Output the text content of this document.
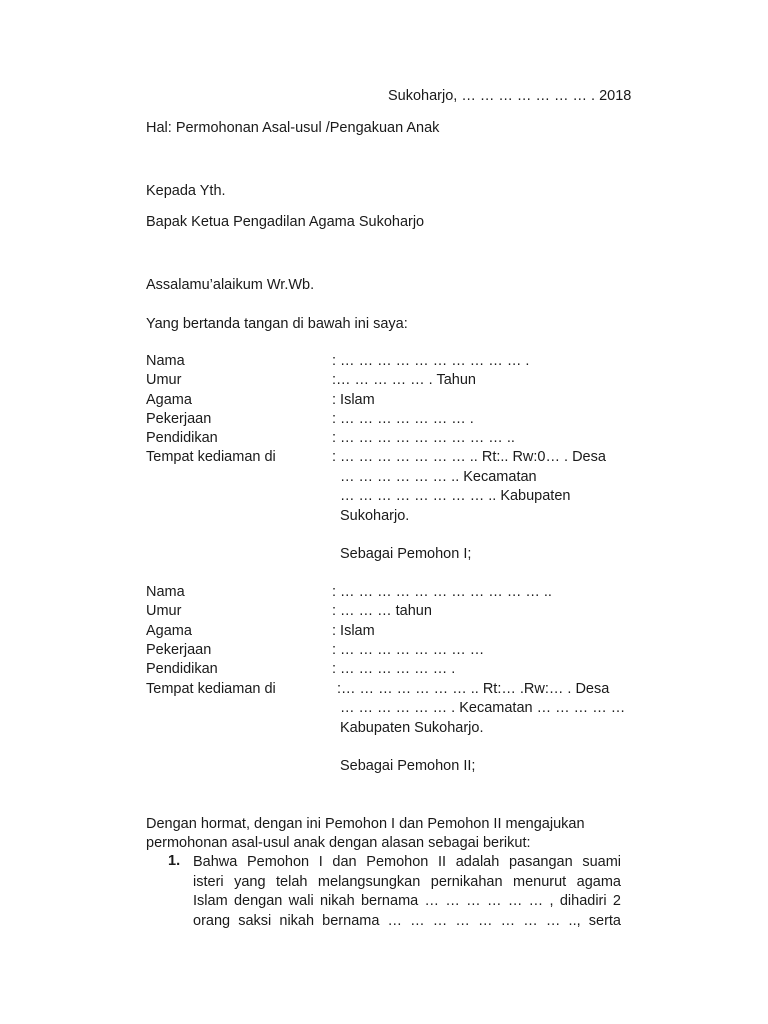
Sukoharjo, … … … … … … … . 2018
Hal: Permohonan Asal-usul /Pengakuan Anak
Kepada Yth.
Bapak Ketua Pengadilan Agama Sukoharjo
Assalamu’alaikum Wr.Wb.
Yang bertanda tangan di bawah ini saya:
Nama	: … … … … … … … … … … .
Umur	:… … … … … . Tahun
Agama	: Islam
Pekerjaan	: … … … … … … … .
Pendidikan	: … … … … … … … … … ..
Tempat kediaman di	: … … … … … … … .. Rt:.. Rw:0… . Desa
… … … … … … .. Kecamatan
… … … … … … … … .. Kabupaten
Sukoharjo.
Sebagai Pemohon I;
Nama	: … … … … … … … … … … … ..
Umur	: … … … tahun
Agama	: Islam
Pekerjaan	: … … … … … … … …
Pendidikan	: … … … … … … .
Tempat kediaman di	:… … … … … … … .. Rt:… .Rw:… . Desa
… … … … … … . Kecamatan … … … … …
Kabupaten Sukoharjo.
Sebagai Pemohon II;
Dengan hormat, dengan ini Pemohon I dan Pemohon II mengajukan permohonan asal-usul anak dengan alasan sebagai berikut:
1. Bahwa Pemohon I dan Pemohon II adalah pasangan suami
isteri yang telah melangsungkan pernikahan menurut agama
Islam dengan wali nikah bernama … … … … … … , dihadiri 2
orang saksi nikah bernama … … … … … … … … .., serta
